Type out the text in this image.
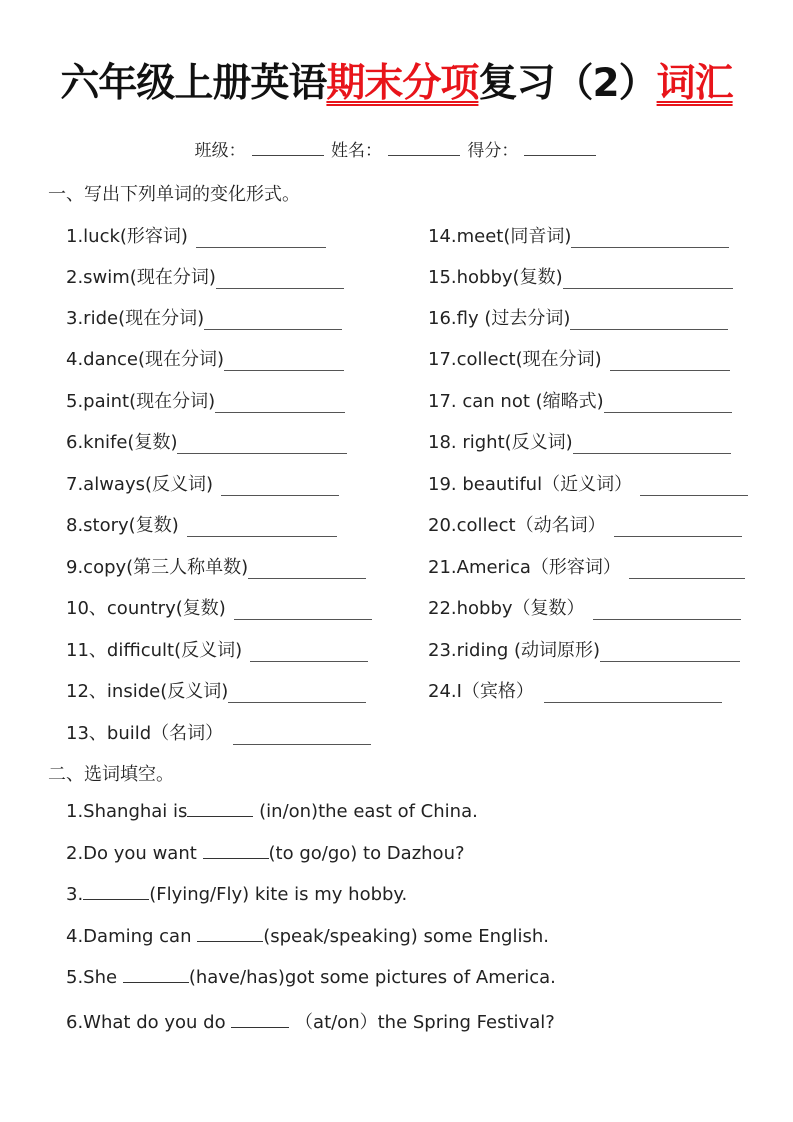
六年级上册英语期末分项复习（2）词汇
班级：	姓名：	得分：
一、写出下列单词的变化形式。
1.luck(形容词)
2.swim(现在分词)
3.ride(现在分词)
4.dance(现在分词)
5.paint(现在分词)
6.knife(复数)
7.always(反义词)
8.story(复数)
9.copy(第三人称单数)
10、country(复数)
11、difficult(反义词)
12、inside(反义词)
13、build（名词）
14.meet(同音词)
15.hobby(复数)
16.fly (过去分词)
17.collect(现在分词)
17. can not (缩略式)
18. right(反义词)
19. beautiful（近义词）
20.collect（动名词）
21.America（形容词）
22.hobby（复数）
23.riding (动词原形)
24.I（宾格）
二、选词填空。
1.Shanghai is	(in/on)the east of China.
2.Do you want	(to go/go) to Dazhou?
3.	(Flying/Fly) kite is my hobby.
4.Daming can	(speak/speaking) some English.
5.She	(have/has)got some pictures of America.
6.What do you do	（at/on）the Spring Festival?
